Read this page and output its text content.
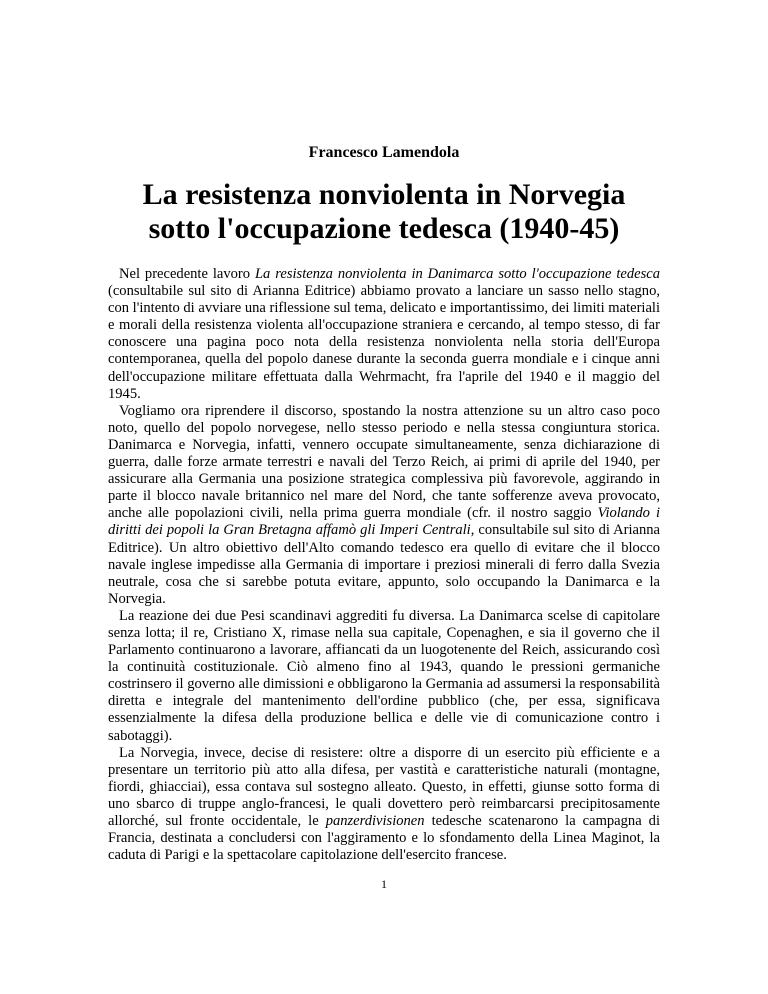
Francesco Lamendola
La resistenza nonviolenta in Norvegia
sotto l'occupazione tedesca (1940-45)

Nel precedente lavoro La resistenza nonviolenta in Danimarca sotto l'occupazione tedesca (consultabile sul sito di Arianna Editrice) abbiamo provato a lanciare un sasso nello stagno, con l'intento di avviare una riflessione sul tema, delicato e importantissimo, dei limiti materiali e morali della resistenza violenta all'occupazione straniera e cercando, al tempo stesso, di far conoscere una pagina poco nota della resistenza nonviolenta nella storia dell'Europa contemporanea, quella del popolo danese durante la seconda guerra mondiale e i cinque anni dell'occupazione militare effettuata dalla Wehrmacht, fra l'aprile del 1940 e il maggio del 1945.

Vogliamo ora riprendere il discorso, spostando la nostra attenzione su un altro caso poco noto, quello del popolo norvegese, nello stesso periodo e nella stessa congiuntura storica. Danimarca e Norvegia, infatti, vennero occupate simultaneamente, senza dichiarazione di guerra, dalle forze armate terrestri e navali del Terzo Reich, ai primi di aprile del 1940, per assicurare alla Germania una posizione strategica complessiva più favorevole, aggirando in parte il blocco navale britannico nel mare del Nord, che tante sofferenze aveva provocato, anche alle popolazioni civili, nella prima guerra mondiale (cfr. il nostro saggio Violando i diritti dei popoli la Gran Bretagna affamò gli Imperi Centrali, consultabile sul sito di Arianna Editrice). Un altro obiettivo dell'Alto comando tedesco era quello di evitare che il blocco navale inglese impedisse alla Germania di importare i preziosi minerali di ferro dalla Svezia neutrale, cosa che si sarebbe potuta evitare, appunto, solo occupando la Danimarca e la Norvegia.

La reazione dei due Pesi scandinavi aggrediti fu diversa. La Danimarca scelse di capitolare senza lotta; il re, Cristiano X, rimase nella sua capitale, Copenaghen, e sia il governo che il Parlamento continuarono a lavorare, affiancati da un luogotenente del Reich, assicurando così la continuità costituzionale. Ciò almeno fino al 1943, quando le pressioni germaniche costrinsero il governo alle dimissioni e obbligarono la Germania ad assumersi la responsabilità diretta e integrale del mantenimento dell'ordine pubblico (che, per essa, significava essenzialmente la difesa della produzione bellica e delle vie di comunicazione contro i sabotaggi).

La Norvegia, invece, decise di resistere: oltre a disporre di un esercito più efficiente e a presentare un territorio più atto alla difesa, per vastità e caratteristiche naturali (montagne, fiordi, ghiacciai), essa contava sul sostegno alleato. Questo, in effetti, giunse sotto forma di uno sbarco di truppe anglo-francesi, le quali dovettero però reimbarcarsi precipitosamente allorché, sul fronte occidentale, le panzerdivisionen tedesche scatenarono la campagna di Francia, destinata a concludersi con l'aggiramento e lo sfondamento della Linea Maginot, la caduta di Parigi e la spettacolare capitolazione dell'esercito francese.

1
